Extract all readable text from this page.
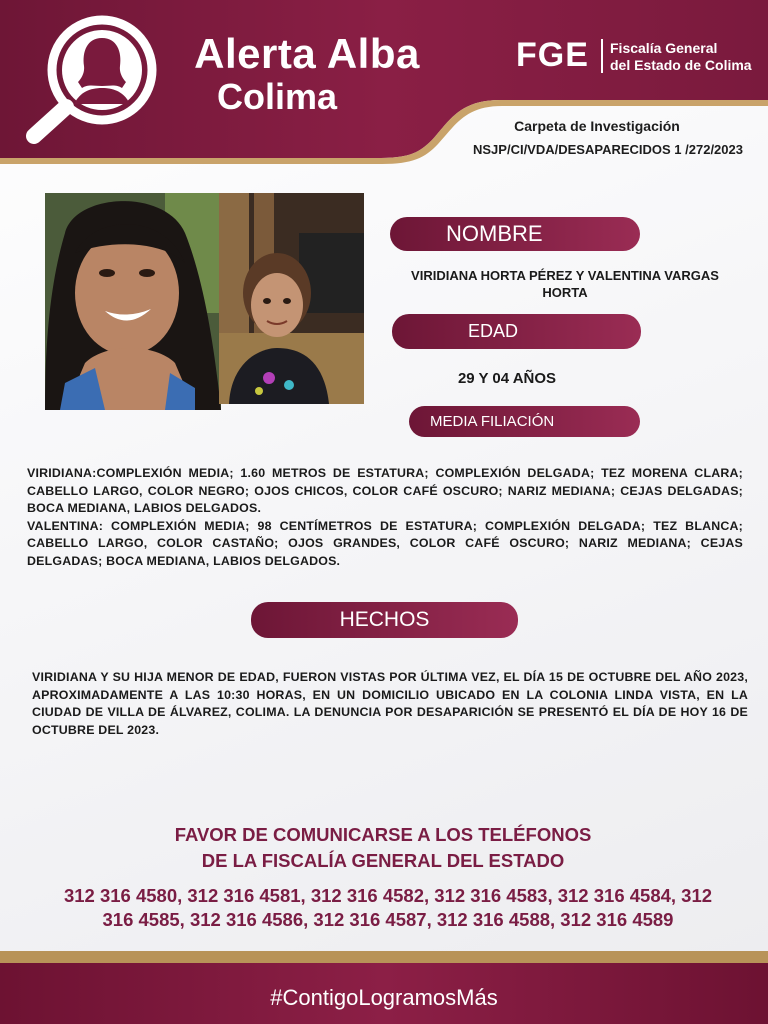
Alerta Alba
Colima
FGE Fiscalía General
del Estado de Colima
Carpeta de Investigación
NSJP/CI/VDA/DESAPARECIDOS 1 /272/2023
NOMBRE
VIRIDIANA HORTA PÉREZ Y VALENTINA VARGAS HORTA
EDAD
29 Y 04 AÑOS
MEDIA FILIACIÓN

VIRIDIANA:COMPLEXIÓN MEDIA; 1.60 METROS DE ESTATURA; COMPLEXIÓN DELGADA; TEZ MORENA CLARA; CABELLO LARGO, COLOR NEGRO; OJOS CHICOS, COLOR CAFÉ OSCURO; NARIZ MEDIANA; CEJAS DELGADAS; BOCA MEDIANA, LABIOS DELGADOS.

VALENTINA: COMPLEXIÓN MEDIA; 98 CENTÍMETROS DE ESTATURA; COMPLEXIÓN DELGADA; TEZ BLANCA; CABELLO LARGO, COLOR CASTAÑO; OJOS GRANDES, COLOR CAFÉ OSCURO; NARIZ MEDIANA; CEJAS DELGADAS; BOCA MEDIANA, LABIOS DELGADOS.

HECHOS
VIRIDIANA Y SU HIJA MENOR DE EDAD, FUERON VISTAS POR ÚLTIMA VEZ, EL DÍA 15 DE OCTUBRE DEL AÑO 2023, APROXIMADAMENTE A LAS 10:30 HORAS, EN UN DOMICILIO UBICADO EN LA COLONIA LINDA VISTA, EN LA CIUDAD DE VILLA DE ÁLVAREZ, COLIMA. LA DENUNCIA POR DESAPARICIÓN SE PRESENTÓ EL DÍA DE HOY 16 DE OCTUBRE DEL 2023.
FAVOR DE COMUNICARSE A LOS TELÉFONOS
DE LA FISCALÍA GENERAL DEL ESTADO
312 316 4580, 312 316 4581, 312 316 4582, 312 316 4583, 312 316 4584, 312 316 4585, 312 316 4586, 312 316 4587, 312 316 4588, 312 316 4589
#ContigoLogramosMás
